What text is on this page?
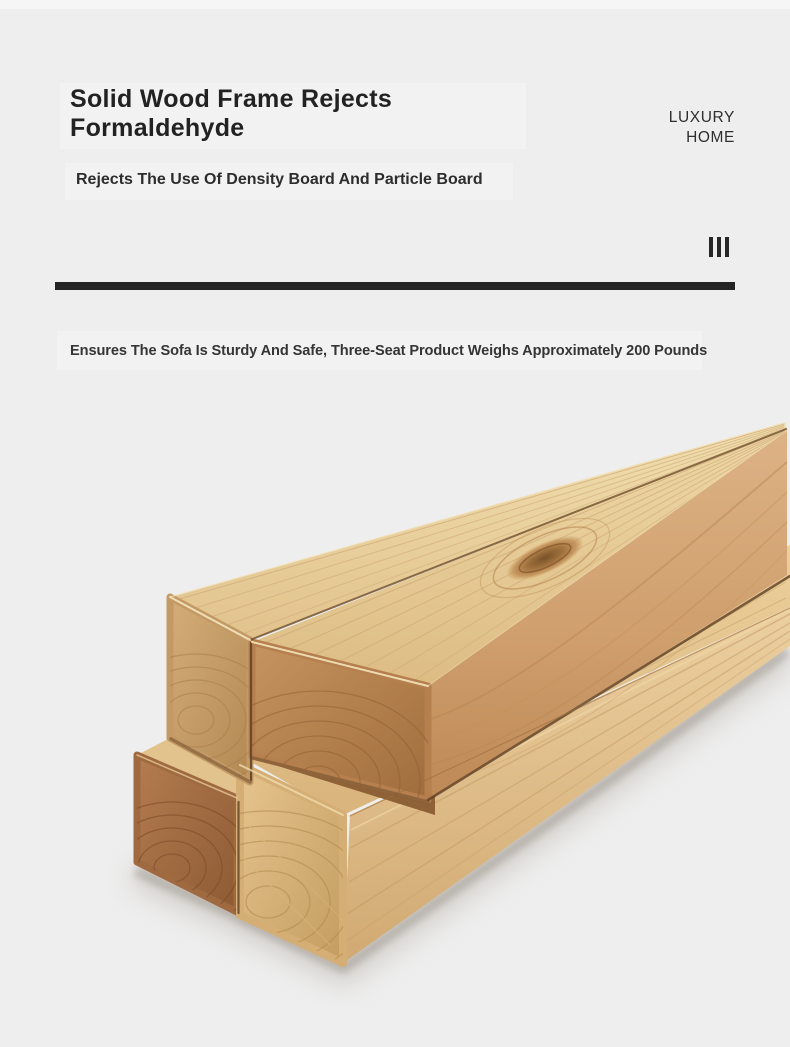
Solid Wood Frame Rejects
Formaldehyde
Rejects The Use Of Density Board And Particle Board
LUXURY
HOME
Ensures The Sofa Is Sturdy And Safe, Three-Seat Product Weighs Approximately 200 Pounds
